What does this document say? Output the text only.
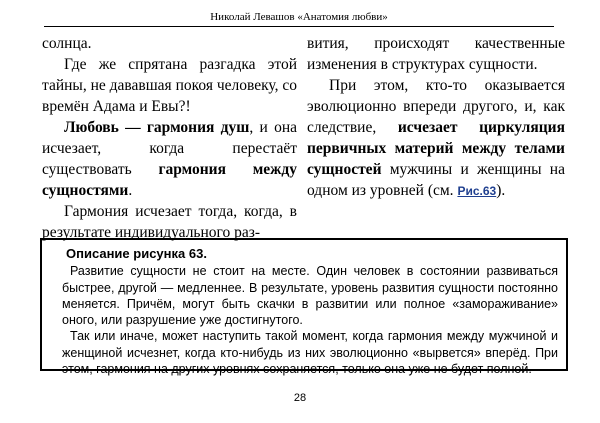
Николай Левашов «Анатомия любви»

солнца.

Где же спрятана разгадка этой тайны, не дававшая покоя человеку, со времён Адама и Евы?!

Любовь — гармония душ, и она исчезает, когда перестаёт существовать гармония между сущностями.

Гармония исчезает тогда, когда, в результате индивидуального раз-

вития, происходят качественные изменения в структурах сущности.

При этом, кто-то оказывается эволюционно впереди другого, и, как следствие, исчезает циркуляция первичных материй между телами сущностей мужчины и женщины на одном из уровней (см. Рис.63).

Описание рисунка 63.

Развитие сущности не стоит на месте. Один человек в состоянии развиваться быстрее, другой — медленнее. В результате, уровень развития сущности постоянно меняется. Причём, могут быть скачки в развитии или полное «замораживание» оного, или разрушение уже достигнутого.

Так или иначе, может наступить такой момент, когда гармония между мужчиной и женщиной исчезнет, когда кто-нибудь из них эволюционно «вырвется» вперёд. При этом, гармония на других уровнях сохраняется, только она уже не будет полной.

28
